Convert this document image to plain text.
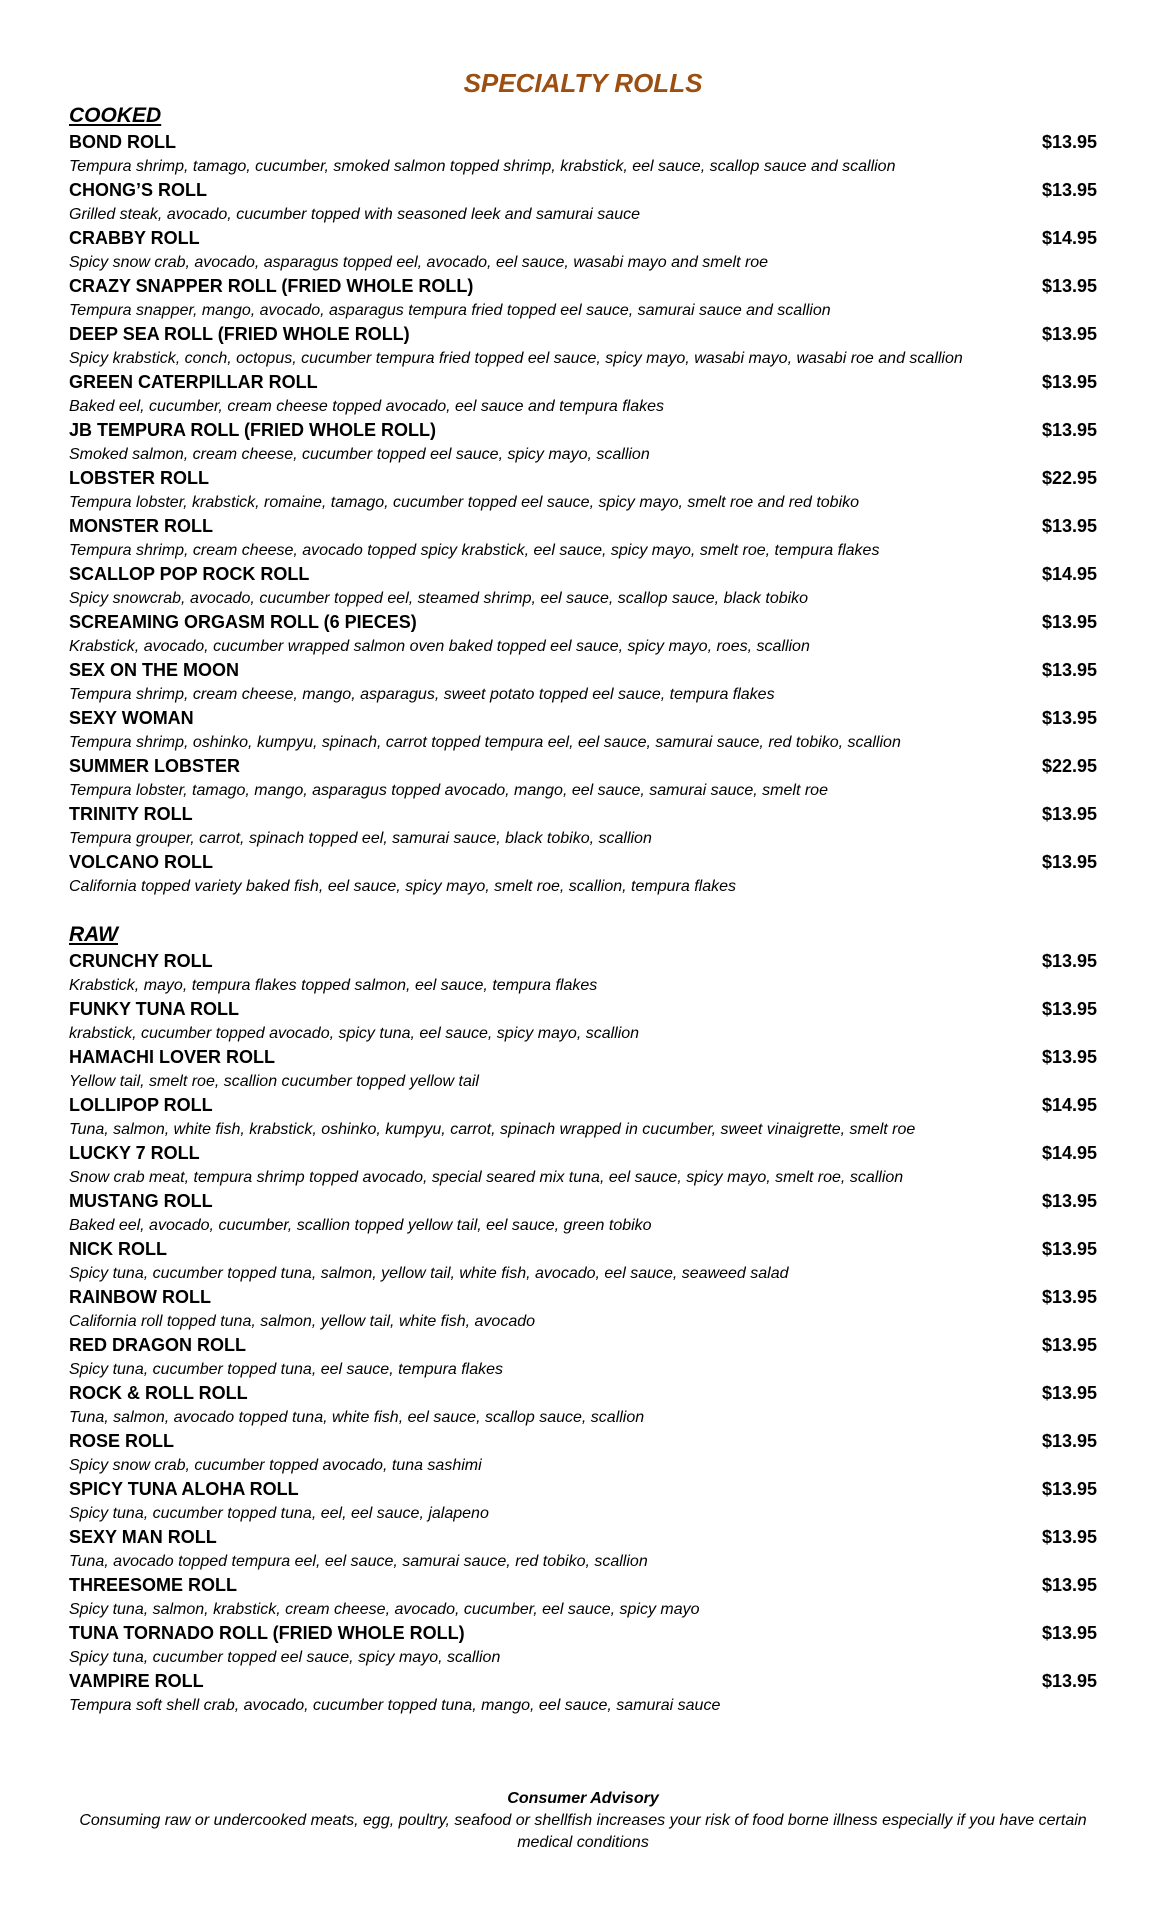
SPECIALTY ROLLS
COOKED
BOND ROLL	$13.95
Tempura shrimp, tamago, cucumber, smoked salmon topped shrimp, krabstick, eel sauce, scallop sauce and scallion
CHONG’S ROLL	$13.95
Grilled steak, avocado, cucumber topped with seasoned leek and samurai sauce
CRABBY ROLL	$14.95
Spicy snow crab, avocado, asparagus topped eel, avocado, eel sauce, wasabi mayo and smelt roe
CRAZY SNAPPER ROLL (FRIED WHOLE ROLL)	$13.95
Tempura snapper, mango, avocado, asparagus tempura fried topped eel sauce, samurai sauce and scallion
DEEP SEA ROLL (FRIED WHOLE ROLL)	$13.95
Spicy krabstick, conch, octopus, cucumber tempura fried topped eel sauce, spicy mayo, wasabi mayo, wasabi roe and scallion
GREEN CATERPILLAR ROLL	$13.95
Baked eel, cucumber, cream cheese topped avocado, eel sauce and tempura flakes
JB TEMPURA ROLL (FRIED WHOLE ROLL)	$13.95
Smoked salmon, cream cheese, cucumber topped eel sauce, spicy mayo, scallion
LOBSTER ROLL	$22.95
Tempura lobster, krabstick, romaine, tamago, cucumber topped eel sauce, spicy mayo, smelt roe and red tobiko
MONSTER ROLL	$13.95
Tempura shrimp, cream cheese, avocado topped spicy krabstick, eel sauce, spicy mayo, smelt roe, tempura flakes
SCALLOP POP ROCK ROLL	$14.95
Spicy snowcrab, avocado, cucumber topped eel, steamed shrimp, eel sauce, scallop sauce, black tobiko
SCREAMING ORGASM ROLL (6 PIECES)	$13.95
Krabstick, avocado, cucumber wrapped salmon oven baked topped eel sauce, spicy mayo, roes, scallion
SEX ON THE MOON	$13.95
Tempura shrimp, cream cheese, mango, asparagus, sweet potato topped eel sauce, tempura flakes
SEXY WOMAN	$13.95
Tempura shrimp, oshinko, kumpyu, spinach, carrot topped tempura eel, eel sauce, samurai sauce, red tobiko, scallion
SUMMER LOBSTER	$22.95
Tempura lobster, tamago, mango, asparagus topped avocado, mango, eel sauce, samurai sauce, smelt roe
TRINITY ROLL	$13.95
Tempura grouper, carrot, spinach topped eel, samurai sauce, black tobiko, scallion
VOLCANO ROLL	$13.95
California topped variety baked fish, eel sauce, spicy mayo, smelt roe, scallion, tempura flakes
RAW
CRUNCHY ROLL	$13.95
Krabstick, mayo, tempura flakes topped salmon, eel sauce, tempura flakes
FUNKY TUNA ROLL	$13.95
krabstick, cucumber topped avocado, spicy tuna, eel sauce, spicy mayo, scallion
HAMACHI LOVER ROLL	$13.95
Yellow tail, smelt roe, scallion cucumber topped yellow tail
LOLLIPOP ROLL	$14.95
Tuna, salmon, white fish, krabstick, oshinko, kumpyu, carrot, spinach wrapped in cucumber, sweet vinaigrette, smelt roe
LUCKY 7 ROLL	$14.95
Snow crab meat, tempura shrimp topped avocado, special seared mix tuna, eel sauce, spicy mayo, smelt roe, scallion
MUSTANG ROLL	$13.95
Baked eel, avocado, cucumber, scallion topped yellow tail, eel sauce, green tobiko
NICK ROLL	$13.95
Spicy tuna, cucumber topped tuna, salmon, yellow tail, white fish, avocado, eel sauce, seaweed salad
RAINBOW ROLL	$13.95
California roll topped tuna, salmon, yellow tail, white fish, avocado
RED DRAGON ROLL	$13.95
Spicy tuna, cucumber topped tuna, eel sauce, tempura flakes
ROCK & ROLL ROLL	$13.95
Tuna, salmon, avocado topped tuna, white fish, eel sauce, scallop sauce, scallion
ROSE ROLL	$13.95
Spicy snow crab, cucumber topped avocado, tuna sashimi
SPICY TUNA ALOHA ROLL	$13.95
Spicy tuna, cucumber topped tuna, eel, eel sauce, jalapeno
SEXY MAN ROLL	$13.95
Tuna, avocado topped tempura eel, eel sauce, samurai sauce, red tobiko, scallion
THREESOME ROLL	$13.95
Spicy tuna, salmon, krabstick, cream cheese, avocado, cucumber, eel sauce, spicy mayo
TUNA TORNADO ROLL (FRIED WHOLE ROLL)	$13.95
Spicy tuna, cucumber topped eel sauce, spicy mayo, scallion
VAMPIRE ROLL	$13.95
Tempura soft shell crab, avocado, cucumber topped tuna, mango, eel sauce, samurai sauce
Consumer Advisory
Consuming raw or undercooked meats, egg, poultry, seafood or shellfish increases your risk of food borne illness especially if you have certain medical conditions
